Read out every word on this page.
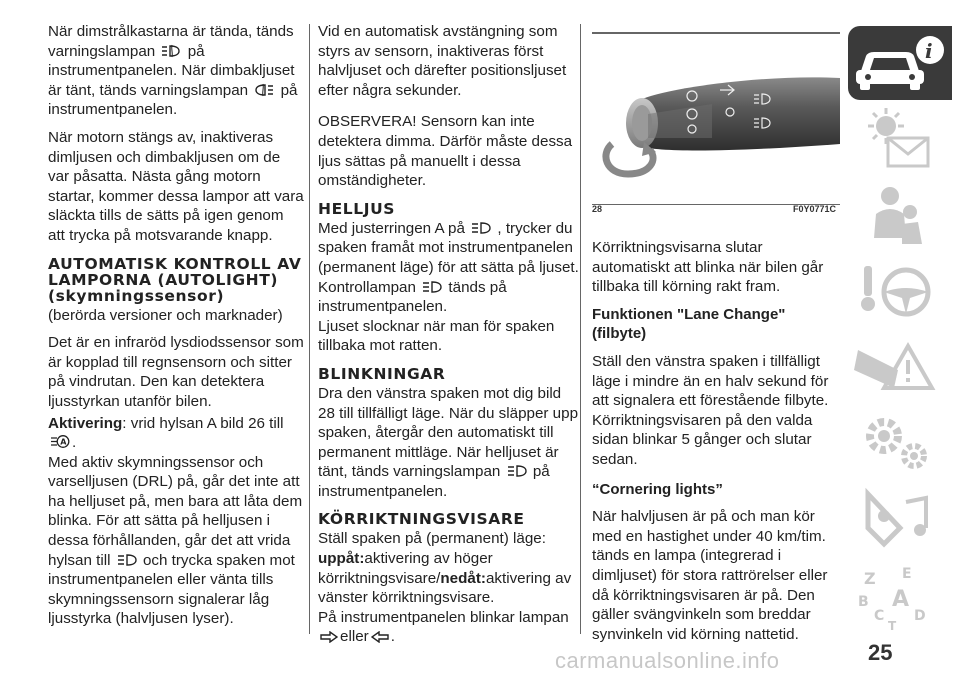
När dimstrålkastarna är tända, tänds varningslampan på instrumentpanelen. När dimbakljuset är tänt, tänds varningslampan på instrumentpanelen.

När motorn stängs av, inaktiveras dimljusen och dimbakljusen om de var påsatta. Nästa gång motorn startar, kommer dessa lampor att vara släckta tills de sätts på igen genom att trycka på motsvarande knapp.

AUTOMATISK KONTROLL AV LAMPORNA (AUTOLIGHT) (skymningssensor)

(berörda versioner och marknader)

Det är en infraröd lysdiodssensor som är kopplad till regnsensorn och sitter på vindrutan. Den kan detektera ljusstyrkan utanför bilen.

Aktivering: vrid hylsan A bild 26 till

A .

Med aktiv skymningssensor och varselljusen (DRL) på, går det inte att ha helljuset på, men bara att låta dem blinka. För att sätta på helljusen i dessa förhållanden, går det att vrida hylsan till och trycka spaken mot instrumentpanelen eller vänta tills skymningssensorn signalerar låg ljusstyrka (halvljusen lyser).

Vid en automatisk avstängning som styrs av sensorn, inaktiveras först halvljuset och därefter positionsljuset efter några sekunder.

OBSERVERA! Sensorn kan inte detektera dimma. Därför måste dessa ljus sättas på manuellt i dessa omständigheter.

HELLJUS

Med justerringen A på , trycker du spaken framåt mot instrumentpanelen (permanent läge) för att sätta på ljuset. Kontrollampan tänds på instrumentpanelen.

Ljuset slocknar när man för spaken tillbaka mot ratten.

BLINKNINGAR

Dra den vänstra spaken mot dig bild 28 till tillfälligt läge. När du släpper upp spaken, återgår den automatiskt till permanent mittläge. När helljuset är tänt, tänds varningslampan på instrumentpanelen.

KÖRRIKTNINGSVISARE

Ställ spaken på (permanent) läge:

uppåt:aktivering av höger körriktningsvisare/nedåt:aktivering av vänster körriktningsvisare.

På instrumentpanelen blinkar lampan
eller .

28	F0Y0771C

Körriktningsvisarna slutar automatiskt att blinka när bilen går tillbaka till körning rakt fram.

Funktionen "Lane Change" (filbyte)

Ställ den vänstra spaken i tillfälligt läge i mindre än en halv sekund för att signalera ett förestående filbyte. Körriktningsvisaren på den valda sidan blinkar 5 gånger och slutar sedan.

“Cornering lights”

När halvljusen är på och man kör med en hastighet under 40 km/tim. tänds en lampa (integrerad i dimljuset) för stora rattrörelser eller då körriktningsvisaren är på. Den gäller svängvinkeln som breddar synvinkeln vid körning nattetid.

i
Z E
B A
C D
T
25
carmanualsonline.info
